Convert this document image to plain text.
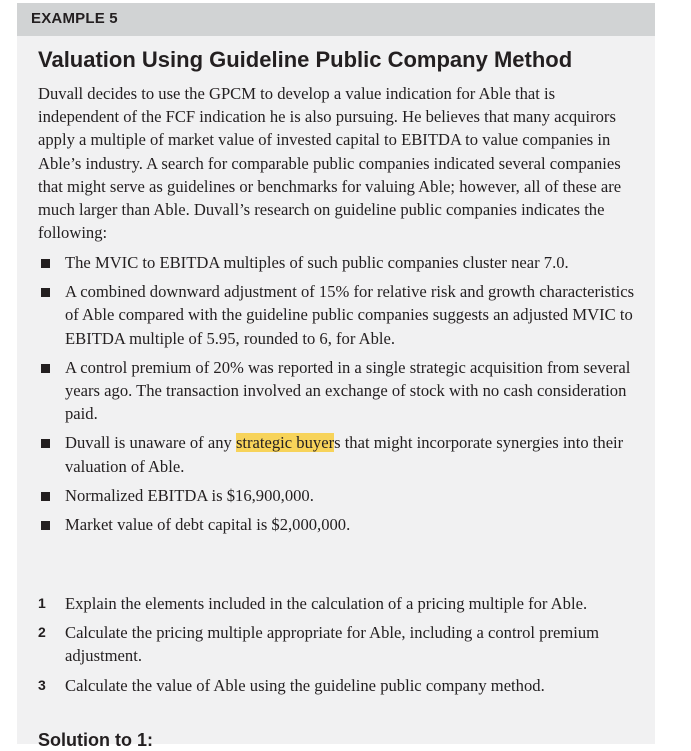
EXAMPLE 5
Valuation Using Guideline Public Company Method

Duvall decides to use the GPCM to develop a value indication for Able that is independent of the FCF indication he is also pursuing. He believes that many acquirors apply a multiple of market value of invested capital to EBITDA to value companies in Able’s industry. A search for comparable public companies indicated several companies that might serve as guidelines or benchmarks for valuing Able; however, all of these are much larger than Able. Duvall’s research on guideline public companies indicates the following:

The MVIC to EBITDA multiples of such public companies cluster near 7.0.
A combined downward adjustment of 15% for relative risk and growth characteristics of Able compared with the guideline public companies suggests an adjusted MVIC to EBITDA multiple of 5.95, rounded to 6, for Able.
A control premium of 20% was reported in a single strategic acquisition from several years ago. The transaction involved an exchange of stock with no cash consideration paid.
Duvall is unaware of any strategic buyers that might incorporate synergies into their valuation of Able.
Normalized EBITDA is $16,900,000.
Market value of debt capital is $2,000,000.
1 Explain the elements included in the calculation of a pricing multiple for Able.
2 Calculate the pricing multiple appropriate for Able, including a control premium adjustment.
3 Calculate the value of Able using the guideline public company method.
Solution to 1:
